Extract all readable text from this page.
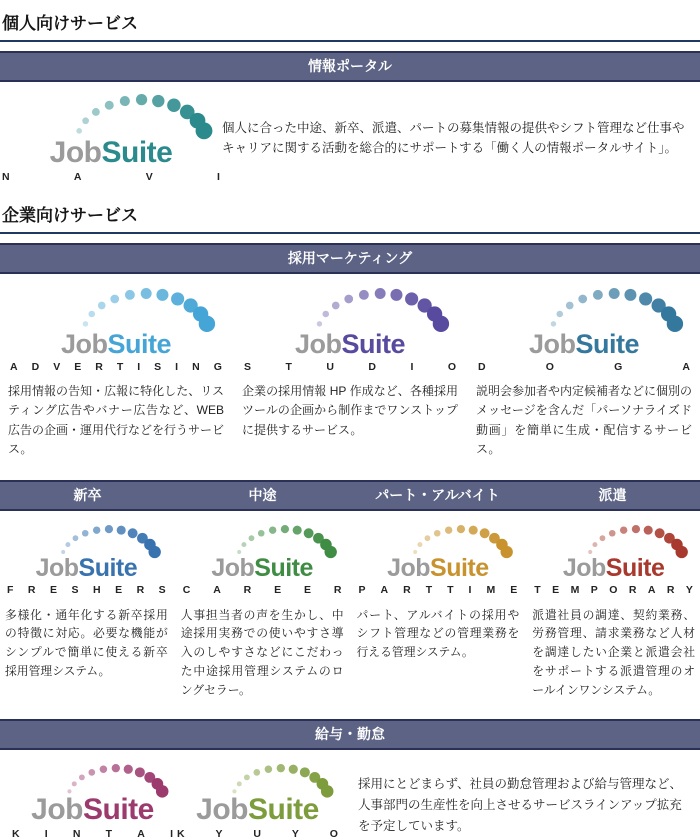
個人向けサービス
情報ポータル
JobSuite
N	A	V	I
個人に合った中途、新卒、派遣、パートの募集情報の提供やシフト管理など仕事やキャリアに関する活動を総合的にサポートする「働く人の情報ポータルサイト」。
企業向けサービス
採用マーケティング
JobSuite
A D V E R T I S I N G
採用情報の告知・広報に特化した、リスティング広告やバナー広告など、WEB 広告の企画・運用代行などを行うサービス。
JobSuite
S	T	U	D	I	O
企業の採用情報 HP 作成など、各種採用ツールの企画から制作までワンストップに提供するサービス。
JobSuite
D	O	G	A
説明会参加者や内定候補者などに個別のメッセージを含んだ「パーソナライズド動画」を簡単に生成・配信するサービス。
新卒	中途	パート・アルバイト	派遣
JobSuite
F R E S H E R S
多様化・通年化する新卒採用の特徴に対応。必要な機能がシンプルで簡単に使える新卒採用管理システム。
JobSuite
C A R E E R
人事担当者の声を生かし、中途採用実務での使いやすさ導入のしやすさなどにこだわった中途採用管理システムのロングセラー。
JobSuite
P A R T T I M E
パート、アルバイトの採用やシフト管理などの管理業務を行える管理システム。
JobSuite
T E M P O R A R Y
派遣社員の調達、契約業務、労務管理、請求業務など人材を調達したい企業と派遣会社をサポートする派遣管理のオールインワンシステム。
給与・勤怠
JobSuite
K I N T A I
JobSuite
K	Y	U	Y	O
採用にとどまらず、社員の勤怠管理および給与管理など、人事部門の生産性を向上させるサービスラインアップ拡充を予定しています。
